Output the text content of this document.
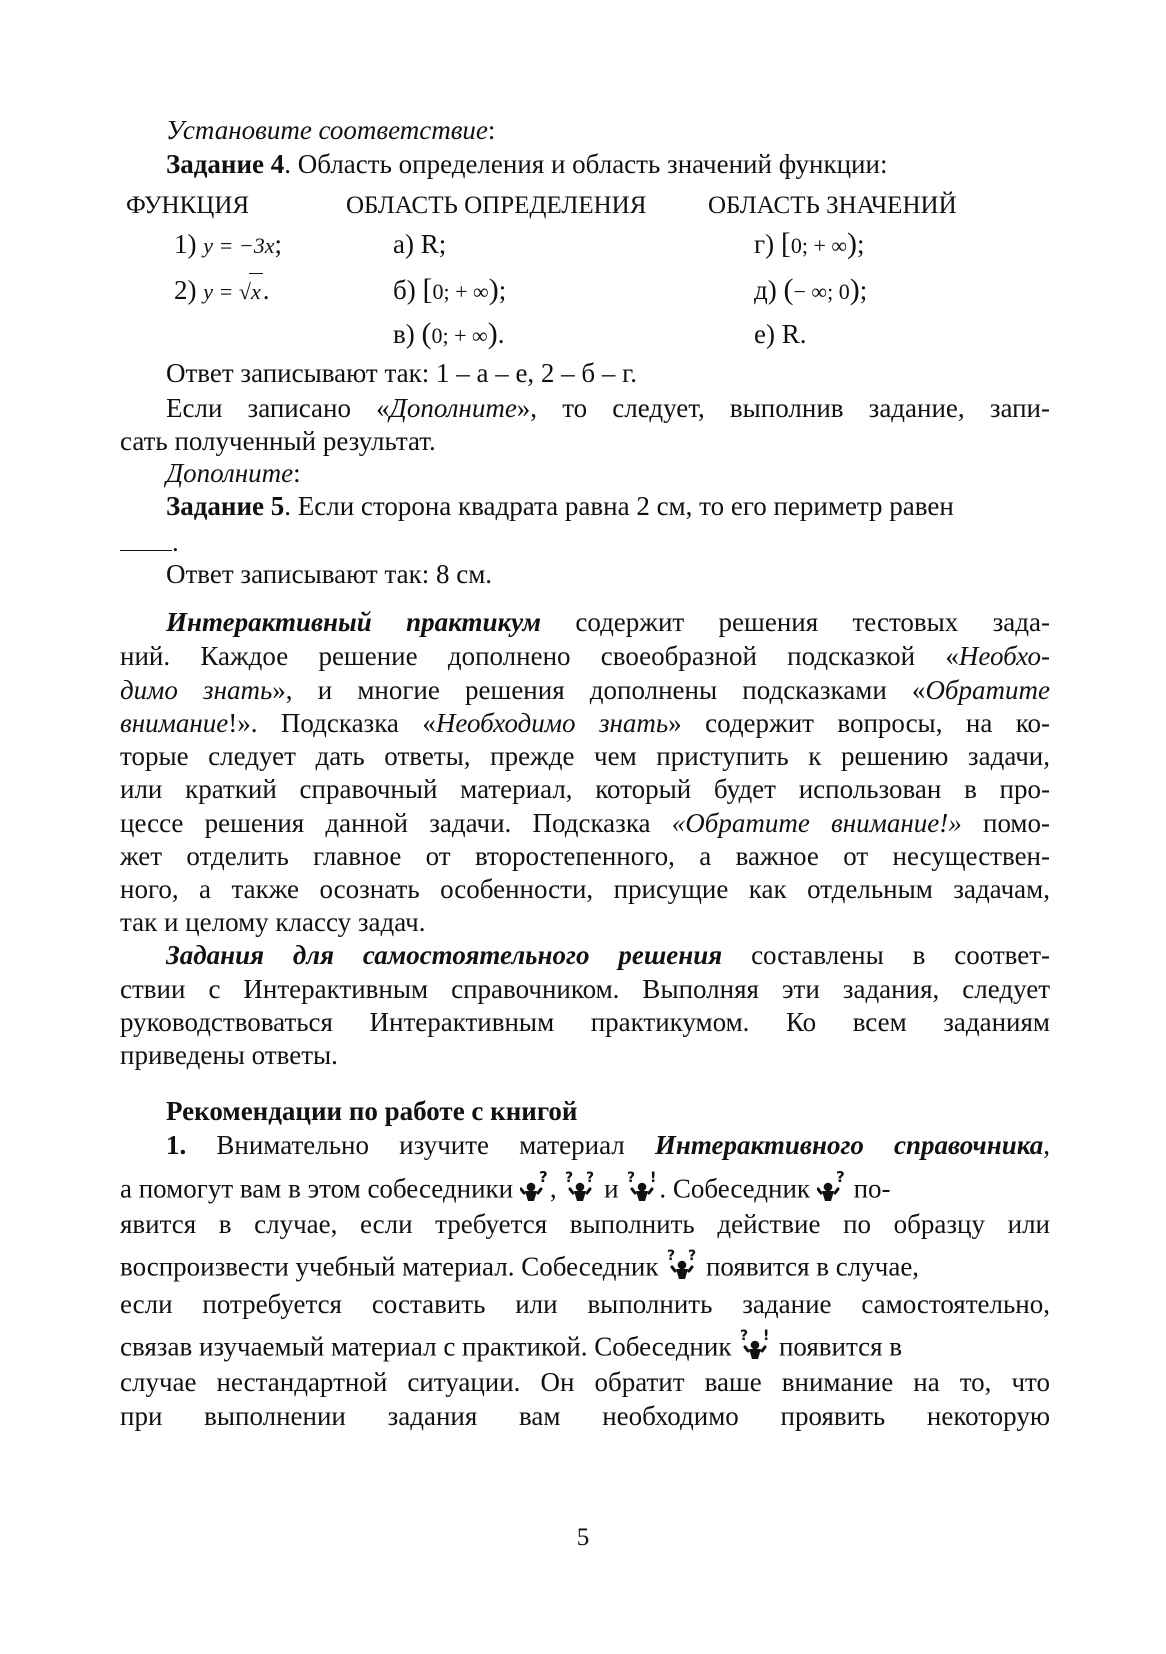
Установите соответствие:

Задание 4. Область определения и область значений функции:

ФУНКЦИЯ	ОБЛАСТЬ ОПРЕДЕЛЕНИЯ ОБЛАСТЬ ЗНАЧЕНИЙ
1) y = −3x;
2) y = √x.
а) R;
б) [0; + ∞);
в) (0; + ∞).
г) [0; + ∞);
д) (− ∞; 0);
е) R.

Ответ записывают так: 1 – а – е, 2 – б – г.

Если записано «Дополните», то следует, выполнив задание, запи-

сать полученный результат.

Дополните:

Задание 5. Если сторона квадрата равна 2 см, то его периметр равен

.

Ответ записывают так: 8 см.

Интерактивный практикум содержит решения тестовых зада-

ний. Каждое решение дополнено своеобразной подсказкой «Необхо-

димо знать», и многие решения дополнены подсказками «Обратите

внимание!». Подсказка «Необходимо знать» содержит вопросы, на ко-

торые следует дать ответы, прежде чем приступить к решению задачи,

или краткий справочный материал, который будет использован в про-

цессе решения данной задачи. Подсказка «Обратите внимание!» помо-

жет отделить главное от второстепенного, а важное от несуществен-

ного, а также осознать особенности, присущие как отдельным задачам,

так и целому классу задач.

Задания для самостоятельного решения составлены в соответ-

ствии с Интерактивным справочником. Выполняя эти задания, следует

руководствоваться Интерактивным практикумом. Ко всем заданиям

приведены ответы.

Рекомендации по работе с книгой

1. Внимательно изучите материал Интерактивного справочника,

а помогут вам в этом собеседники ? , ? ? и ? ! . Собеседник ? по-

явится в случае, если требуется выполнить действие по образцу или

воспроизвести учебный материал. Собеседник ? ? появится в случае,

если потребуется составить или выполнить задание самостоятельно,

связав изучаемый материал с практикой. Собеседник ? ! появится в

случае нестандартной ситуации. Он обратит ваше внимание на то, что

при выполнении задания вам необходимо проявить некоторую

5
